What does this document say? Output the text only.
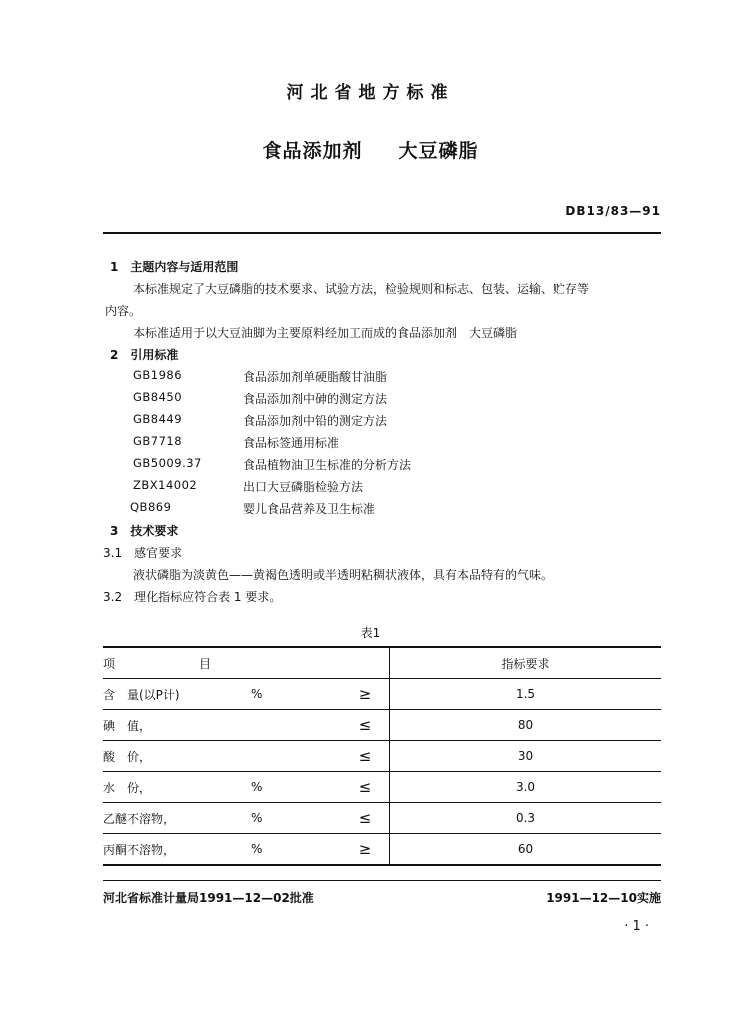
河北省地方标准
食品添加剂 大豆磷脂
DB13/83—91
1　主题内容与适用范围
本标准规定了大豆磷脂的技术要求、试验方法，检验规则和标志、包装、运输、贮存等
内容。
本标准适用于以大豆油脚为主要原料经加工而成的食品添加剂　大豆磷脂
2　引用标准
GB1986	食品添加剂单硬脂酸甘油脂
GB8450	食品添加剂中砷的测定方法
GB8449	食品添加剂中铅的测定方法
GB7718	食品标签通用标准
GB5009.37	食品植物油卫生标准的分析方法
ZBX14002	出口大豆磷脂检验方法
QB869	婴儿食品营养及卫生标准
3　技术要求
3.1　感官要求
液状磷脂为淡黄色——黄褐色透明或半透明粘稠状液体，具有本品特有的气味。
3.2　理化指标应符合表 1 要求。
表1
项 目			指标要求
含　量(以P计)	%	≥	1.5
碘　值，		≤	80
酸　价，		≤	30
水　份，	%	≤	3.0
乙醚不溶物，	%	≤	0.3
丙酮不溶物，	%	≥	60
河北省标准计量局1991—12—02批准	1991—12—10实施
· 1 ·
